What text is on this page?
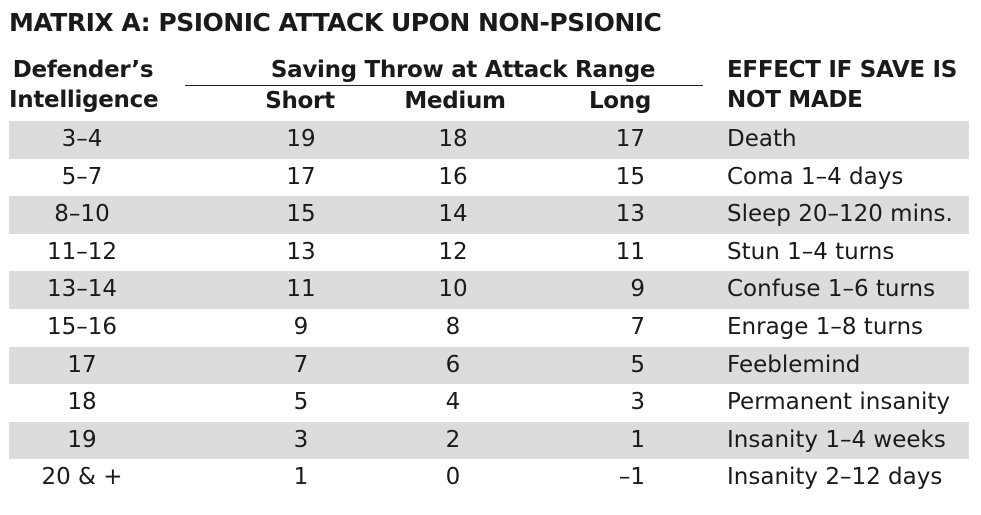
MATRIX A: PSIONIC ATTACK UPON NON-PSIONIC
Defender’s
Intelligence
Saving Throw at Attack Range
Short	Medium	Long
EFFECT IF SAVE IS
NOT MADE
3–4	19	18	17	Death
5–7	17	16	15	Coma 1–4 days
8–10	15	14	13	Sleep 20–120 mins.
11–12	13	12	11	Stun 1–4 turns
13–14	11	10	9	Confuse 1–6 turns
15–16	9	8	7	Enrage 1–8 turns
17	7	6	5	Feeblemind
18	5	4	3	Permanent insanity
19	3	2	1	Insanity 1–4 weeks
20 & +	1	0	–1	Insanity 2–12 days
